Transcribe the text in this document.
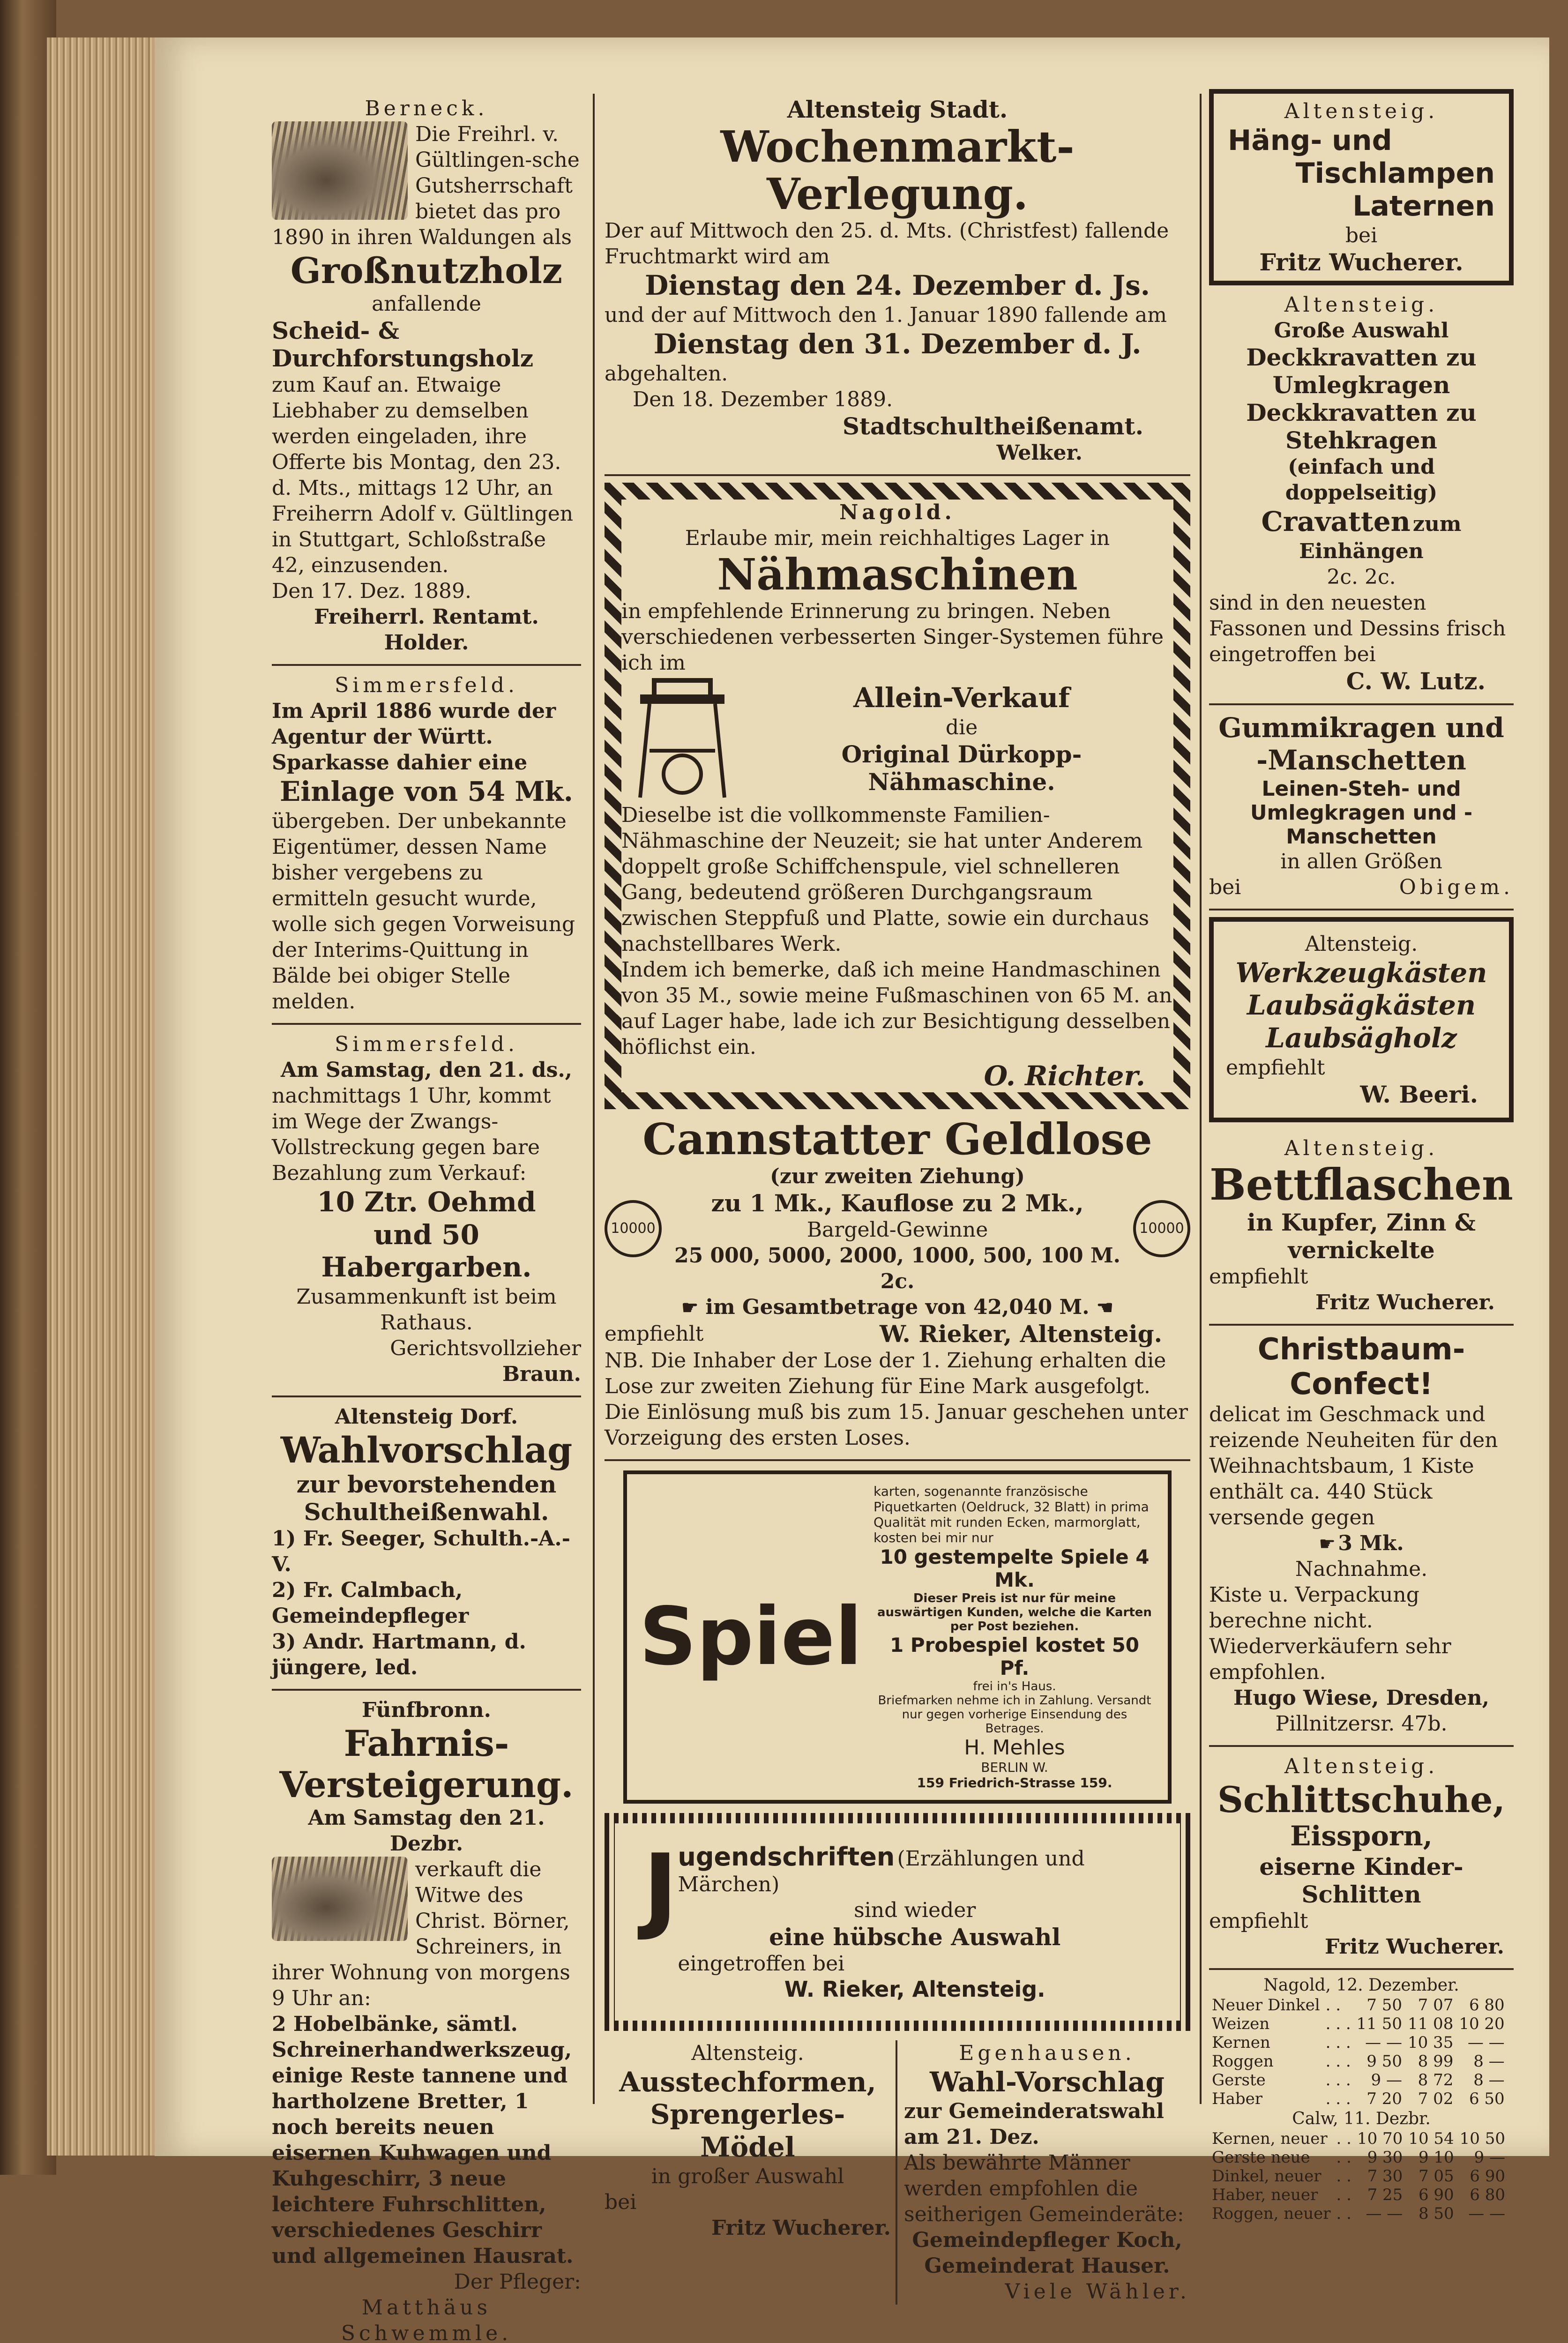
Berneck.
Die Freihrl. v. Gültlingen-sche Gutsherrschaft bietet das pro 1890 in ihren Waldungen als
Großnutzholz
anfallende
Scheid- & Durchforstungsholz
zum Kauf an. Etwaige Liebhaber zu demselben werden eingeladen, ihre Offerte bis Montag, den 23. d. Mts., mittags 12 Uhr, an Freiherrn Adolf v. Gültlingen in Stuttgart, Schloßstraße 42, einzusenden.
Den 17. Dez. 1889.
Freiherrl. Rentamt.
Holder.
Simmersfeld.
Im April 1886 wurde der Agentur der Württ. Sparkasse dahier eine
Einlage von 54 Mk.
übergeben. Der unbekannte Eigentümer, dessen Name bisher vergebens zu ermitteln gesucht wurde, wolle sich gegen Vorweisung der Interims-Quittung in Bälde bei obiger Stelle melden.
Simmersfeld.
Am Samstag, den 21. ds.,
nachmittags 1 Uhr, kommt im Wege der Zwangs-Vollstreckung gegen bare Bezahlung zum Verkauf:
10 Ztr. Oehmd
und 50 Habergarben.
Zusammenkunft ist beim Rathaus.
Gerichtsvollzieher
Braun.
Altensteig Dorf.
Wahlvorschlag
zur bevorstehenden Schultheißenwahl.
1) Fr. Seeger, Schulth.-A.-V.
2) Fr. Calmbach, Gemeindepfleger
3) Andr. Hartmann, d. jüngere, led.
Fünfbronn.
Fahrnis-Versteigerung.
Am Samstag den 21. Dezbr.
verkauft die Witwe des Christ. Börner, Schreiners, in ihrer Wohnung von morgens 9 Uhr an:
2 Hobelbänke, sämtl. Schreinerhandwerkszeug, einige Reste tannene und hartholzene Bretter, 1 noch bereits neuen eisernen Kuhwagen und Kuhgeschirr, 3 neue leichtere Fuhrschlitten, verschiedenes Geschirr und allgemeinen Hausrat.
Der Pfleger:
Matthäus Schwemmle.
Altensteig Stadt.
Wochenmarkt-Verlegung.
Der auf Mittwoch den 25. d. Mts. (Christfest) fallende Fruchtmarkt wird am
Dienstag den 24. Dezember d. Js.
und der auf Mittwoch den 1. Januar 1890 fallende am
Dienstag den 31. Dezember d. J.
abgehalten.
Den 18. Dezember 1889.
Stadtschultheißenamt.
Welker.
Nagold.
Erlaube mir, mein reichhaltiges Lager in
Nähmaschinen
in empfehlende Erinnerung zu bringen. Neben verschiedenen verbesserten Singer-Systemen führe ich im
Allein-Verkauf
die
Original Dürkopp-Nähmaschine.
Dieselbe ist die vollkommenste Familien-Nähmaschine der Neuzeit; sie hat unter Anderem doppelt große Schiffchenspule, viel schnelleren Gang, bedeutend größeren Durchgangsraum zwischen Steppfuß und Platte, sowie ein durchaus nachstellbares Werk.
Indem ich bemerke, daß ich meine Handmaschinen von 35 M., sowie meine Fußmaschinen von 65 M. an auf Lager habe, lade ich zur Besichtigung desselben höflichst ein.
O. Richter.
Cannstatter Geldlose
10000
(zur zweiten Ziehung)
zu 1 Mk., Kauflose zu 2 Mk.,
Bargeld-Gewinne
25 000, 5000, 2000, 1000, 500, 100 M. 2c.
10000
☛ im Gesamtbetrage von 42,040 M. ☚
empfiehlt	W. Rieker, Altensteig.
NB. Die Inhaber der Lose der 1. Ziehung erhalten die Lose zur zweiten Ziehung für Eine Mark ausgefolgt. Die Einlösung muß bis zum 15. Januar geschehen unter Vorzeigung des ersten Loses.
Spiel
karten, sogenannte französische Piquetkarten (Oeldruck, 32 Blatt) in prima Qualität mit runden Ecken, marmorglatt, kosten bei mir nur
10 gestempelte Spiele 4 Mk.
Dieser Preis ist nur für meine auswärtigen Kunden, welche die Karten per Post beziehen.
1 Probespiel kostet 50 Pf.
frei in's Haus.
Briefmarken nehme ich in Zahlung. Versandt nur gegen vorherige Einsendung des Betrages.
H. Mehles
BERLIN W.
159 Friedrich-Strasse 159.
J ugendschriften (Erzählungen und Märchen)
sind wieder
eine hübsche Auswahl
eingetroffen bei
W. Rieker, Altensteig.
Altensteig.
Ausstechformen,
Sprengerles-Mödel
in großer Auswahl
bei
Fritz Wucherer.
Egenhausen.
Wahl-Vorschlag
zur Gemeinderatswahl am 21. Dez.
Als bewährte Männer werden empfohlen die seitherigen Gemeinderäte:
Gemeindepfleger Koch,
Gemeinderat Hauser.
Viele Wähler.
Altensteig.
Häng- und
Tischlampen
Laternen
bei
Fritz Wucherer.
Altensteig.
Große Auswahl
Deckkravatten zu Umlegkragen
Deckkravatten zu Stehkragen
(einfach und doppelseitig)
Cravatten zum Einhängen
2c. 2c.
sind in den neuesten Fassonen und Dessins frisch eingetroffen bei
C. W. Lutz.
Gummikragen und
-Manschetten
Leinen-Steh- und Umlegkragen und -Manschetten
in allen Größen
bei	Obigem.
Altensteig.
Werkzeugkästen
Laubsägkästen
Laubsägholz
empfiehlt
W. Beeri.
Altensteig.
Bettflaschen
in Kupfer, Zinn & vernickelte
empfiehlt
Fritz Wucherer.
Christbaum-Confect!
delicat im Geschmack und reizende Neuheiten für den Weihnachtsbaum, 1 Kiste enthält ca. 440 Stück versende gegen
☛ 3 Mk.
Nachnahme.
Kiste u. Verpackung berechne nicht. Wiederverkäufern sehr empfohlen.
Hugo Wiese, Dresden,
Pillnitzersr. 47b.
Altensteig.
Schlittschuhe,
Eissporn,
eiserne Kinder-Schlitten
empfiehlt
Fritz Wucherer.
Nagold, 12. Dezember.
Neuer Dinkel	. .	7 50	7 07	6 80
Weizen	. . .	11 50	11 08	10 20
Kernen	. . .	— —	10 35	— —
Roggen	. . .	9 50	8 99	8 —
Gerste	. . .	9 —	8 72	8 —
Haber	. . .	7 20	7 02	6 50
Calw, 11. Dezbr.
Kernen, neuer	. .	10 70	10 54	10 50
Gerste neue	. .	9 30	9 10	9 —
Dinkel, neuer	. .	7 30	7 05	6 90
Haber, neuer	. .	7 25	6 90	6 80
Roggen, neuer	. .	— —	8 50	— —
